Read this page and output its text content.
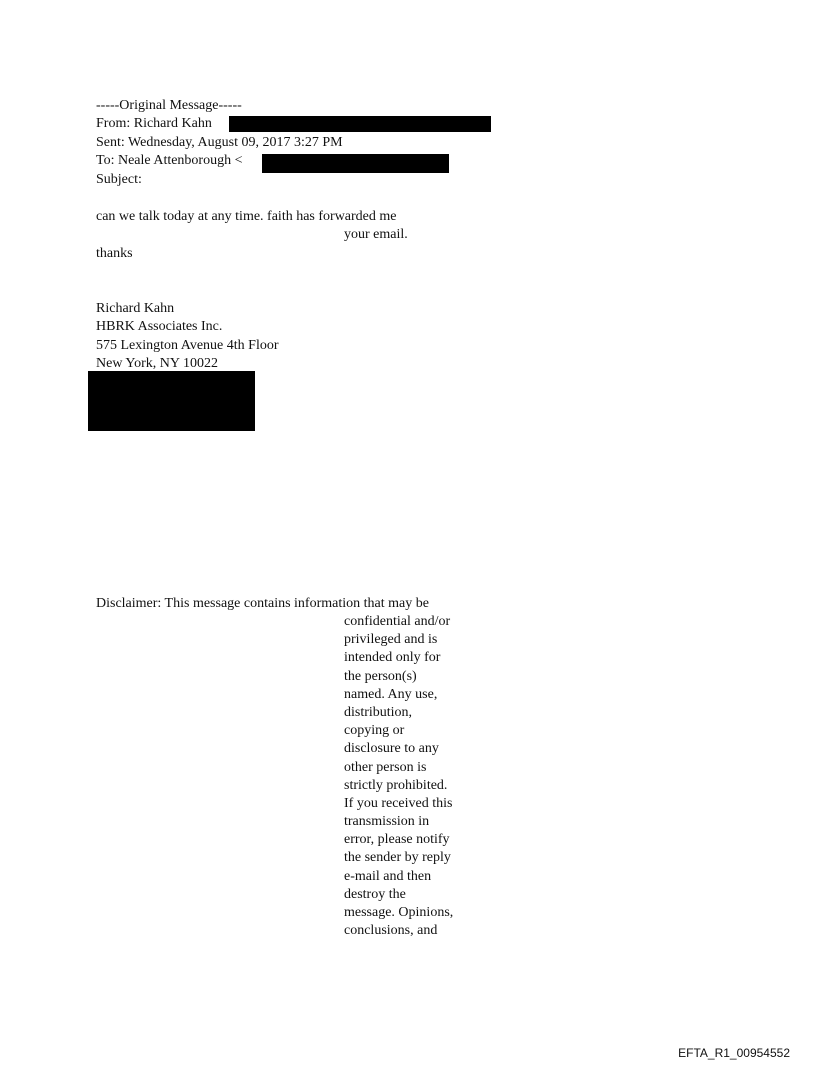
-----Original Message-----
From: Richard Kahn
Sent: Wednesday, August 09, 2017 3:27 PM
To: Neale Attenborough <
Subject:
can we talk today at any time. faith has forwarded me
your email.
thanks
Richard Kahn
HBRK Associates Inc.
575 Lexington Avenue 4th Floor
New York, NY 10022
Disclaimer: This message contains information that may be
confidential and/or
privileged and is
intended only for
the person(s)
named. Any use,
distribution,
copying or
disclosure to any
other person is
strictly prohibited.
If you received this
transmission in
error, please notify
the sender by reply
e-mail and then
destroy the
message. Opinions,
conclusions, and
EFTA_R1_00954552
